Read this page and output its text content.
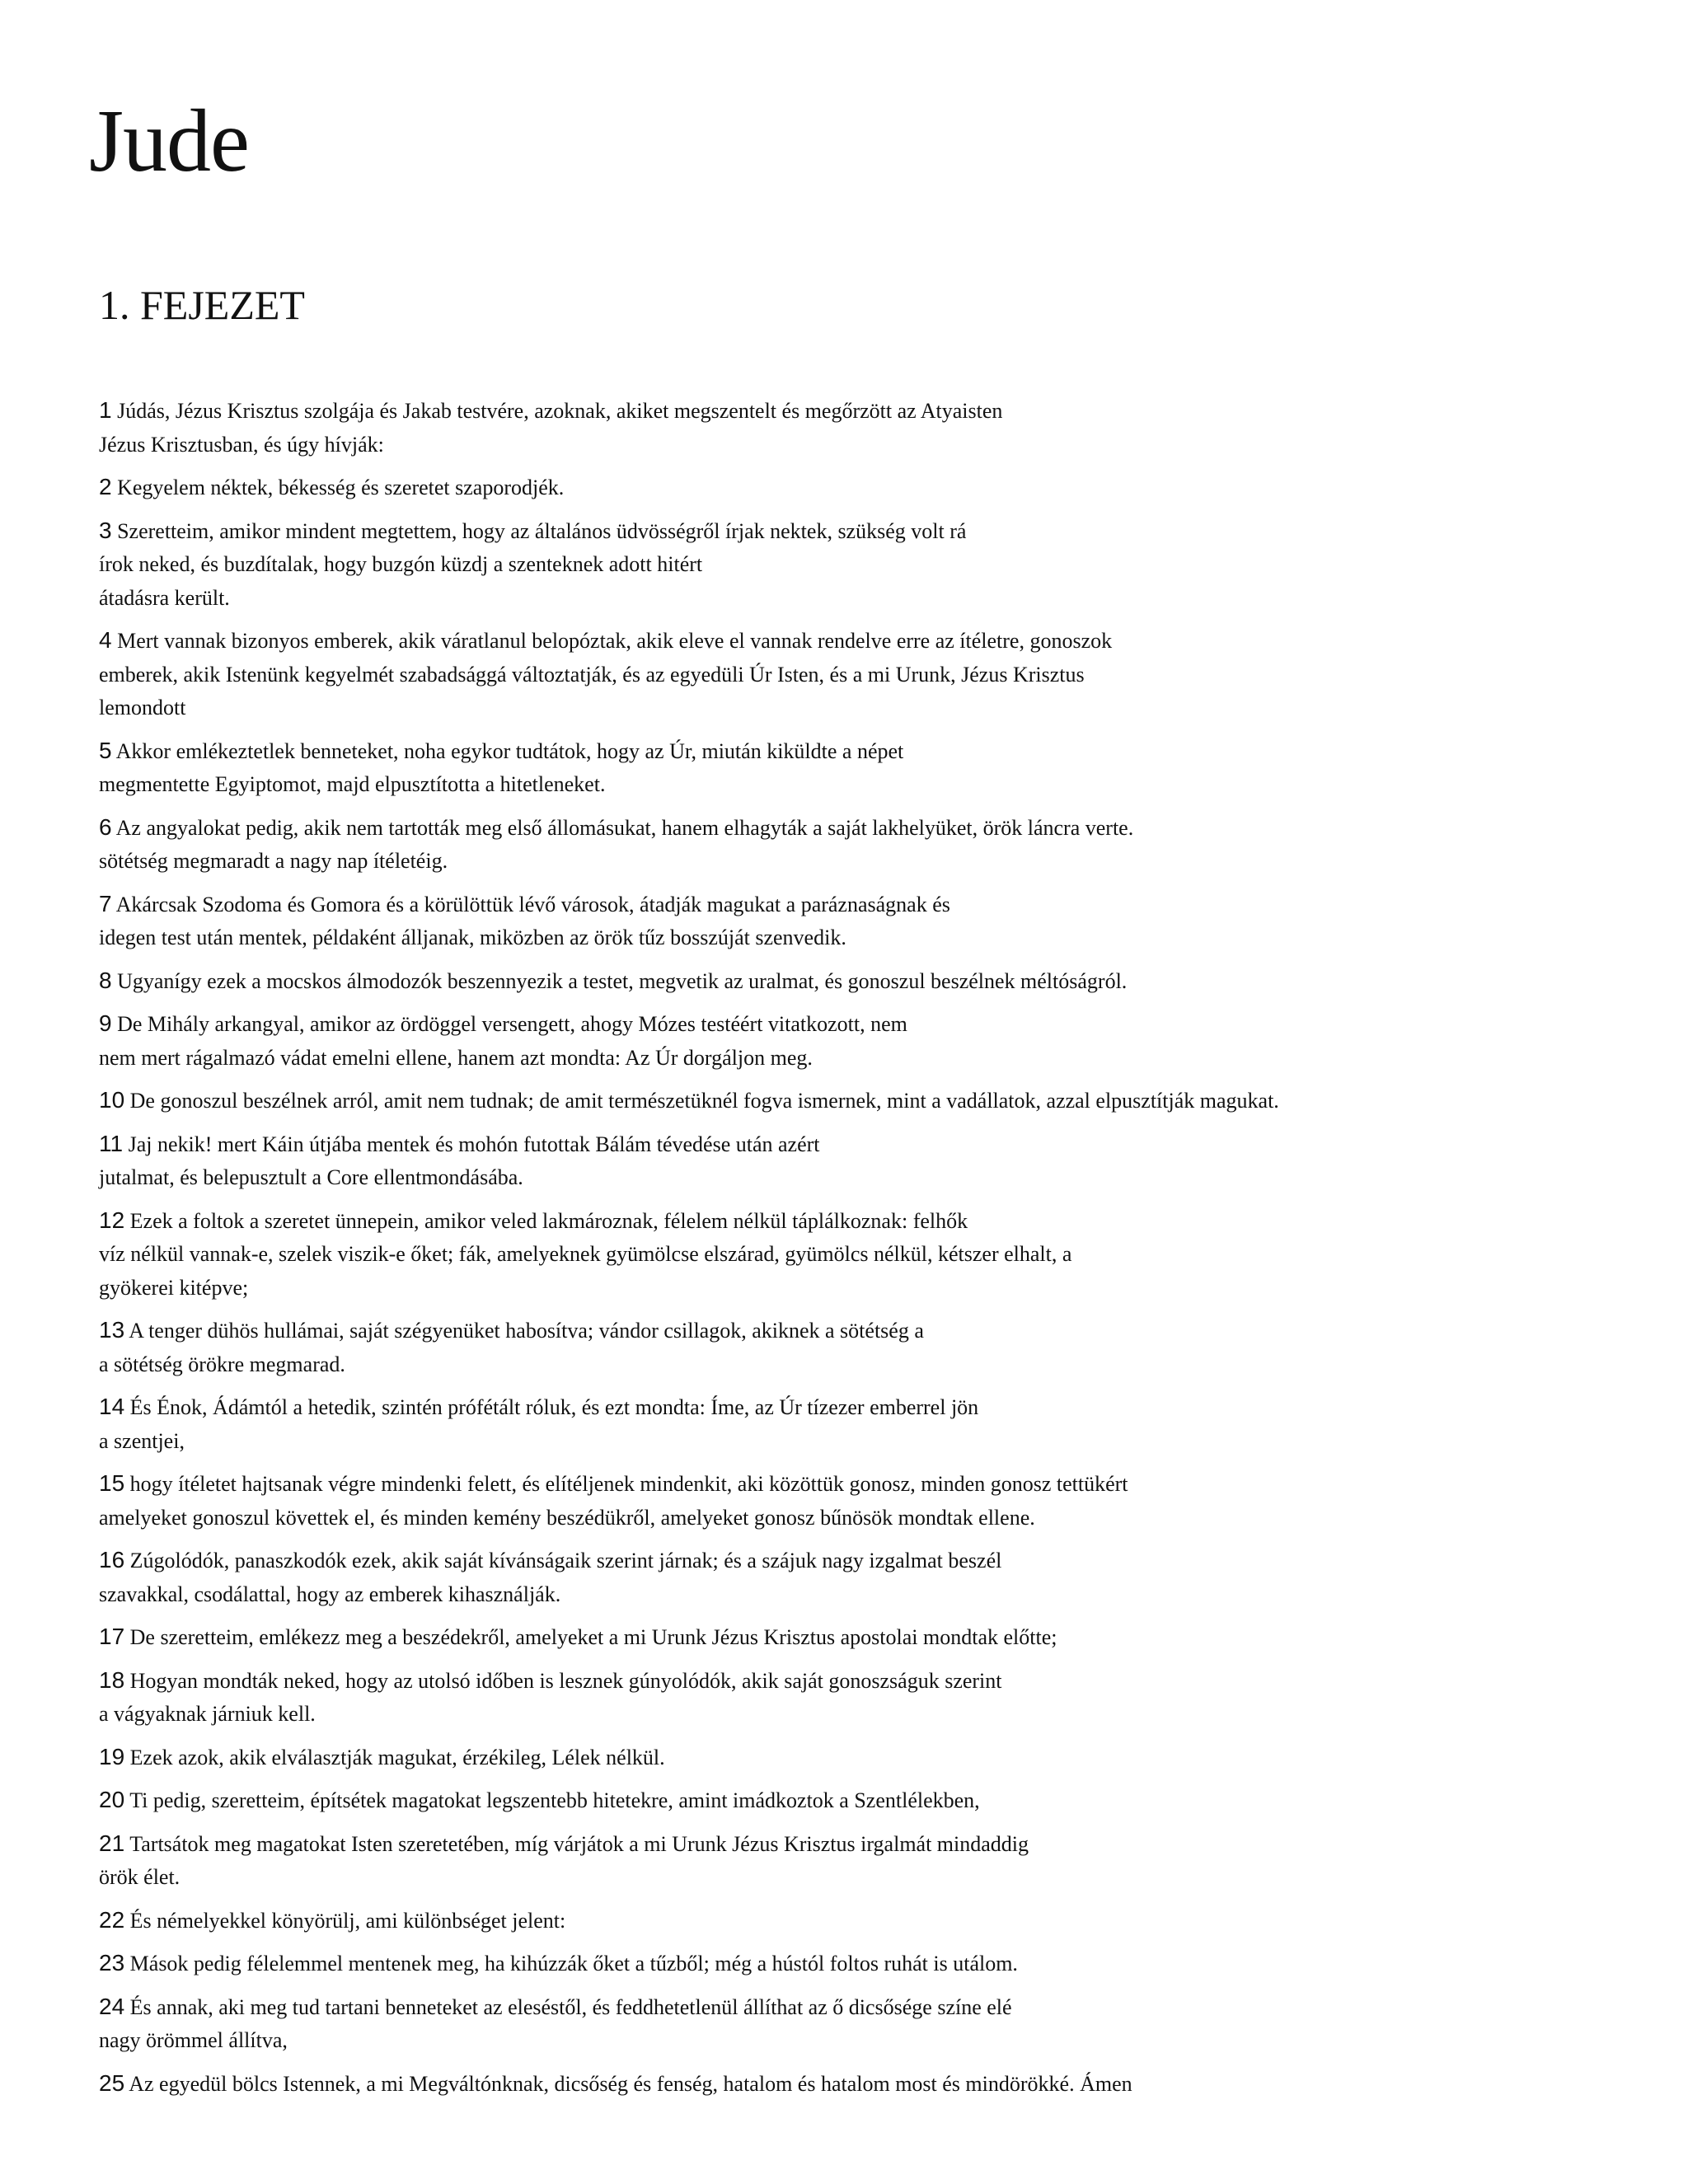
Jude
1. FEJEZET

1 Júdás, Jézus Krisztus szolgája és Jakab testvére, azoknak, akiket megszentelt és megőrzött az Atyaisten
Jézus Krisztusban, és úgy hívják:

2 Kegyelem néktek, békesség és szeretet szaporodjék.

3 Szeretteim, amikor mindent megtettem, hogy az általános üdvösségről írjak nektek, szükség volt rá
írok neked, és buzdítalak, hogy buzgón küzdj a szenteknek adott hitért
átadásra került.

4 Mert vannak bizonyos emberek, akik váratlanul belopóztak, akik eleve el vannak rendelve erre az ítéletre, gonoszok
emberek, akik Istenünk kegyelmét szabadsággá változtatják, és az egyedüli Úr Isten, és a mi Urunk, Jézus Krisztus
lemondott

5 Akkor emlékeztetlek benneteket, noha egykor tudtátok, hogy az Úr, miután kiküldte a népet
megmentette Egyiptomot, majd elpusztította a hitetleneket.

6 Az angyalokat pedig, akik nem tartották meg első állomásukat, hanem elhagyták a saját lakhelyüket, örök láncra verte.
sötétség megmaradt a nagy nap ítéletéig.

7 Akárcsak Szodoma és Gomora és a körülöttük lévő városok, átadják magukat a paráznaságnak és
idegen test után mentek, példaként álljanak, miközben az örök tűz bosszúját szenvedik.

8 Ugyanígy ezek a mocskos álmodozók beszennyezik a testet, megvetik az uralmat, és gonoszul beszélnek méltóságról.

9 De Mihály arkangyal, amikor az ördöggel versengett, ahogy Mózes testéért vitatkozott, nem
nem mert rágalmazó vádat emelni ellene, hanem azt mondta: Az Úr dorgáljon meg.

10 De gonoszul beszélnek arról, amit nem tudnak; de amit természetüknél fogva ismernek, mint a vadállatok, azzal elpusztítják magukat.

11 Jaj nekik! mert Káin útjába mentek és mohón futottak Bálám tévedése után azért
jutalmat, és belepusztult a Core ellentmondásába.

12 Ezek a foltok a szeretet ünnepein, amikor veled lakmároznak, félelem nélkül táplálkoznak: felhők
víz nélkül vannak-e, szelek viszik-e őket; fák, amelyeknek gyümölcse elszárad, gyümölcs nélkül, kétszer elhalt, a
gyökerei kitépve;

13 A tenger dühös hullámai, saját szégyenüket habosítva; vándor csillagok, akiknek a sötétség a
a sötétség örökre megmarad.

14 És Énok, Ádámtól a hetedik, szintén prófétált róluk, és ezt mondta: Íme, az Úr tízezer emberrel jön
a szentjei,

15 hogy ítéletet hajtsanak végre mindenki felett, és elítéljenek mindenkit, aki közöttük gonosz, minden gonosz tettükért
amelyeket gonoszul követtek el, és minden kemény beszédükről, amelyeket gonosz bűnösök mondtak ellene.

16 Zúgolódók, panaszkodók ezek, akik saját kívánságaik szerint járnak; és a szájuk nagy izgalmat beszél
szavakkal, csodálattal, hogy az emberek kihasználják.

17 De szeretteim, emlékezz meg a beszédekről, amelyeket a mi Urunk Jézus Krisztus apostolai mondtak előtte;

18 Hogyan mondták neked, hogy az utolsó időben is lesznek gúnyolódók, akik saját gonoszságuk szerint
a vágyaknak járniuk kell.

19 Ezek azok, akik elválasztják magukat, érzékileg, Lélek nélkül.

20 Ti pedig, szeretteim, építsétek magatokat legszentebb hitetekre, amint imádkoztok a Szentlélekben,

21 Tartsátok meg magatokat Isten szeretetében, míg várjátok a mi Urunk Jézus Krisztus irgalmát mindaddig
örök élet.

22 És némelyekkel könyörülj, ami különbséget jelent:

23 Mások pedig félelemmel mentenek meg, ha kihúzzák őket a tűzből; még a hústól foltos ruhát is utálom.

24 És annak, aki meg tud tartani benneteket az eleséstől, és feddhetetlenül állíthat az ő dicsősége színe elé
nagy örömmel állítva,

25 Az egyedül bölcs Istennek, a mi Megváltónknak, dicsőség és fenség, hatalom és hatalom most és mindörökké. Ámen
